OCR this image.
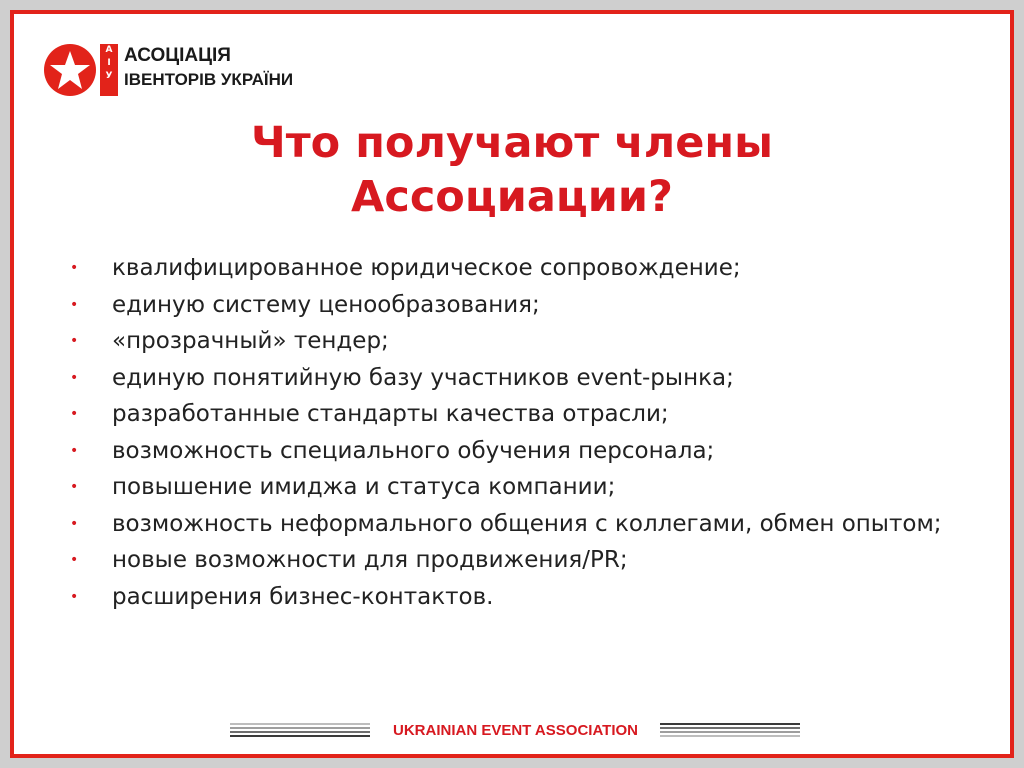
А
І
У
АСОЦІАЦІЯ
ІВЕНТОРІВ УКРАЇНИ
Что получают члены
Ассоциации?
• квалифицированное юридическое сопровождение;
• единую систему ценообразования;
• «прозрачный» тендер;
• единую понятийную базу участников event-рынка;
• разработанные стандарты качества отрасли;
• возможность специального обучения персонала;
• повышение имиджа и статуса компании;
• возможность неформального общения с коллегами, обмен опытом;
• новые возможности для продвижения/PR;
• расширения бизнес-контактов.
UKRAINIAN EVENT ASSOCIATION
